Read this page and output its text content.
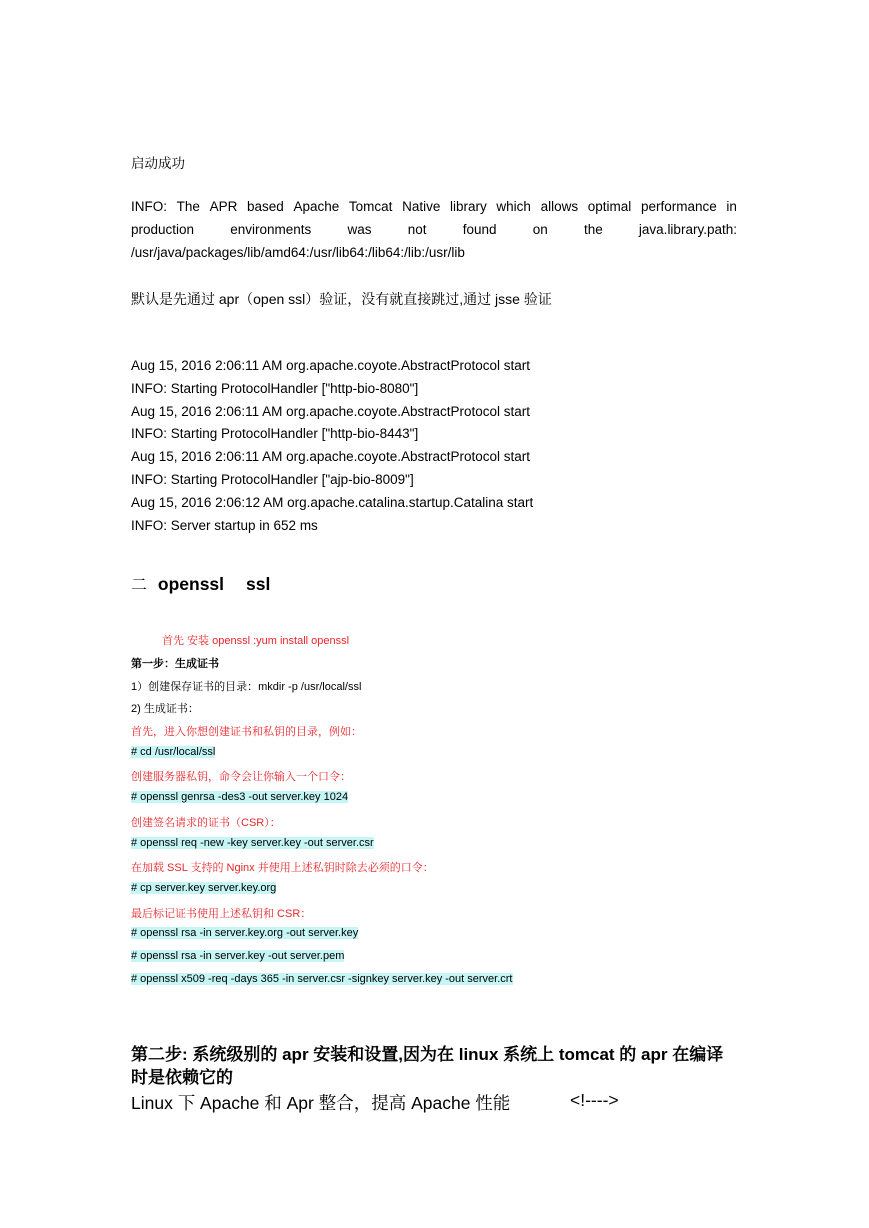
启动成功
INFO: The APR based Apache Tomcat Native library which allows optimal performance in
production	environments	was	not	found	on	the	java.library.path:
/usr/java/packages/lib/amd64:/usr/lib64:/lib64:/lib:/usr/lib
默认是先通过 apr（open ssl）验证，没有就直接跳过,通过 jsse 验证
Aug 15, 2016 2:06:11 AM org.apache.coyote.AbstractProtocol start
INFO: Starting ProtocolHandler ["http-bio-8080"]
Aug 15, 2016 2:06:11 AM org.apache.coyote.AbstractProtocol start
INFO: Starting ProtocolHandler ["http-bio-8443"]
Aug 15, 2016 2:06:11 AM org.apache.coyote.AbstractProtocol start
INFO: Starting ProtocolHandler ["ajp-bio-8009"]
Aug 15, 2016 2:06:12 AM org.apache.catalina.startup.Catalina start
INFO: Server startup in 652 ms
二 openssl ssl
首先 安装 openssl :yum install openssl
第一步：生成证书
1）创建保存证书的目录：mkdir -p /usr/local/ssl
2) 生成证书：
首先，进入你想创建证书和私钥的目录，例如：
# cd /usr/local/ssl
创建服务器私钥，命令会让你输入一个口令：
# openssl genrsa -des3 -out server.key 1024
创建签名请求的证书（CSR）：
# openssl req -new -key server.key -out server.csr
在加载 SSL 支持的 Nginx 并使用上述私钥时除去必须的口令：
# cp server.key server.key.org
最后标记证书使用上述私钥和 CSR：
# openssl rsa -in server.key.org -out server.key
# openssl rsa -in server.key -out server.pem
# openssl x509 -req -days 365 -in server.csr -signkey server.key -out server.crt
第二步: 系统级别的 apr 安装和设置,因为在 linux 系统上 tomcat 的 apr 在编译
时是依赖它的
Linux 下 Apache 和 Apr 整合，提高 Apache 性能	<!---->
